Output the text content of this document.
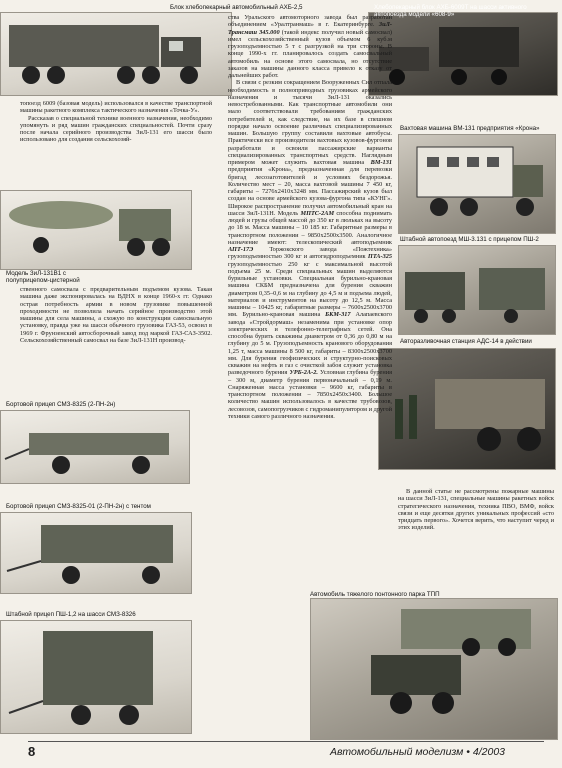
Блок хлебопекарный автомобильный АХБ-2,5	Хлебопекарный блок АХБ-6009Т на шасси активного автопоезда модели «608-9»
Вахтовая машина ВМ-131 предприятия «Крона»
Модель ЗиЛ-131В1 с полуприцепом-цистерной
Штабной автопоезд МШ-3.131 с прицепом ПШ-2
Авторазливочная станция АДС-14 в действии
Бортовой прицеп СМЗ-8325 (2-ПН-2н)
Бортовой прицеп СМЗ-8325-01 (2-ПН-2н) с тентом
Штабной прицеп ПШ-1,2 на шасси СМЗ-8326
Автомобиль тяжелого понтонного парка ТПП

топоезд 6009 (базовая модель) использовался в качестве транспортной машины ракетного комплекса тактического назначения «Точка-У».

Рассказав о специальной технике военного назначения, необходимо упомянуть и ряд машин гражданских специальностей. Почти сразу после начала серийного производства ЗиЛ-131 его шасси было использовано для создания сельскохозяй-

ственного самосвала с предварительным подъемом кузова. Такая машина даже экспонировалась на ВДНХ в конце 1960-х гг. Однако острая потребность армии в новом грузовике повышенной проходимости не позволила начать серийное производство этой машины для села машины, а схожую по конструкции самосвальную установку, правда уже на шасси обычного грузовика ГАЗ-53, освоил в 1969 г. Фрунзенский автосборочный завод под маркой ГАЗ-САЗ-3502. Сельскохозяйственный самосвал на базе ЗиЛ-131Н производ-

ства Уральского автомоторного завода был разработан объединением «Уралтранмаш» в г. Екатеринбурге. ЗиЛ-Трансмаш 345.000 (такой индекс получил новый самосвал) имел сельскохозяйственный кузов объемом 6 куб.м грузоподъемностью 5 т с разгрузкой на три стороны. В конце 1990-х гг. планировалось создать самосвальный автомобиль на основе этого самосвала, но отсутствие заказов на машины данного класса привело к отказу от дальнейших работ.

В связи с резким сокращением Вооруженных Сил отпала необходимость в полноприводных грузовиках армейского назначения и тысячи ЗиЛ-131 оказались невостребованными. Как транспортные автомобили они мало соответствовали требованиям гражданских потребителей и, как следствие, на их базе в спешном порядке начало освоение различных специализированных машин. Большую группу составили вахтовые автобусы. Практически все производители вахтовых кузовов-фургонов разработали и освоили пассажирские варианты специализированных транспортных средств. Наглядным примером может служить вахтовая машина ВМ-131 предприятия «Крона», предназначенная для перевозки бригад лесозаготовителей и условиях бездорожья. Количество мест – 20, масса вахтовой машины 7 450 кг, габариты – 7276x2410x3248 мм. Пассажирский кузов был создан на основе армейского кузова-фургона типа «КУНГ». Широкое распространение получил автомобильный кран на шасси ЗиЛ-131Н. Модель МПТС-2АМ способна поднимать людей и грузы общей массой до 350 кг в люльках на высоту до 18 м. Масса машины – 10 185 кг. Габаритные размеры в транспортном положении – 9850x2500x3500. Аналогичное назначение имеют: телескопический автоподъемник АПТ-17Э	Торжокского завода «Пожтехника» грузоподъемностью 300 кг и автогидроподъемник ПТА-325 грузоподъемностью 250 кг с максимальной высотой подъема 25 м. Среди специальных машин выделяются бурильные установки. Специальная бурильно-крановая машина СКБМ предназначена для бурения скважин диаметром 0,35–0,6 м на глубину до 4,5 м и подъема людей, материалов и инструментов на высоту до 12,5 м. Масса машины – 10425 кг, габаритные размеры – 7600x2500x3700 мм. Бурильно-крановая машина БКМ-317 Алапаевского завода «Стройдормаш» незаменима при установке опор электрических и телефонно-телеграфных сетей. Она способна бурить скважины диаметром от 0,36 до 0,80 м на глубину до 5 м. Грузоподъемность кранового оборудования 1,25 т, масса машины 8 500 кг, габариты – 8300x2500x3700 мм. Для бурения геофизических и структурно-поисковых скважин на нефть и газ с очисткой забоя служит установка разведочного бурения УРБ-2А-2. Условная глубина бурения – 300 м, диаметр бурения первоначальный – 0,19 м. Снаряженная масса установки – 9600 кг, габариты в транспортном положении – 7850x2450x3400. Большое количество машин использовалось в качестве трубовозов, лесовозов, самопогрузчиков с гидроманипулятором и другой техники самого различного назначения.

В данной статье не рассмотрены пожарные машины на шасси ЗиЛ-131, специальные машины ракетных войск стратегического назначения, техника ПВО, ВМФ, войск связи и еще десятки других уникальных профессий «сто тридцать первого». Хочется верить, что наступит черед и этих изделий.

8	Автомобильный моделизм • 4/2003
